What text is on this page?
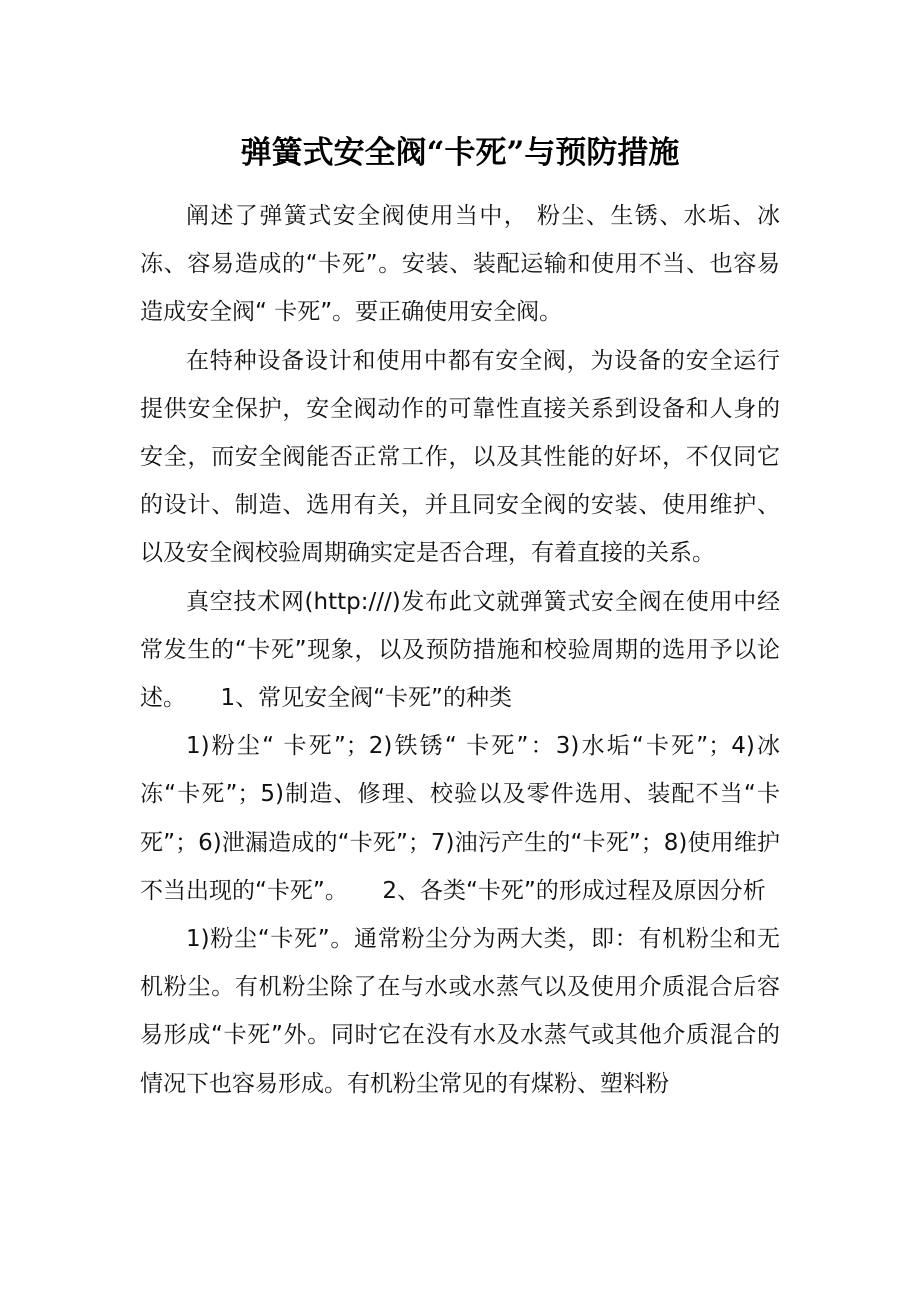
弹簧式安全阀“卡死”与预防措施

阐述了弹簧式安全阀使用当中， 粉尘、生锈、水垢、冰冻、容易造成的“卡死”。安装、装配运输和使用不当、也容易造成安全阀“ 卡死”。要正确使用安全阀。

在特种设备设计和使用中都有安全阀，为设备的安全运行提供安全保护，安全阀动作的可靠性直接关系到设备和人身的安全，而安全阀能否正常工作，以及其性能的好坏，不仅同它的设计、制造、选用有关，并且同安全阀的安装、使用维护、以及安全阀校验周期确实定是否合理，有着直接的关系。

真空技术网(http:///)发布此文就弹簧式安全阀在使用中经常发生的“卡死”现象，以及预防措施和校验周期的选用予以论述。　　1、常见安全阀“卡死”的种类

1)粉尘“ 卡死”；2)铁锈“ 卡死”：3)水垢“卡死”；4)冰冻“卡死”；5)制造、修理、校验以及零件选用、装配不当“卡死”；6)泄漏造成的“卡死”；7)油污产生的“卡死”；8)使用维护不当出现的“卡死”。　　2、各类“卡死”的形成过程及原因分析

1)粉尘“卡死”。通常粉尘分为两大类，即：有机粉尘和无机粉尘。有机粉尘除了在与水或水蒸气以及使用介质混合后容易形成“卡死”外。同时它在没有水及水蒸气或其他介质混合的情况下也容易形成。有机粉尘常见的有煤粉、塑料粉
